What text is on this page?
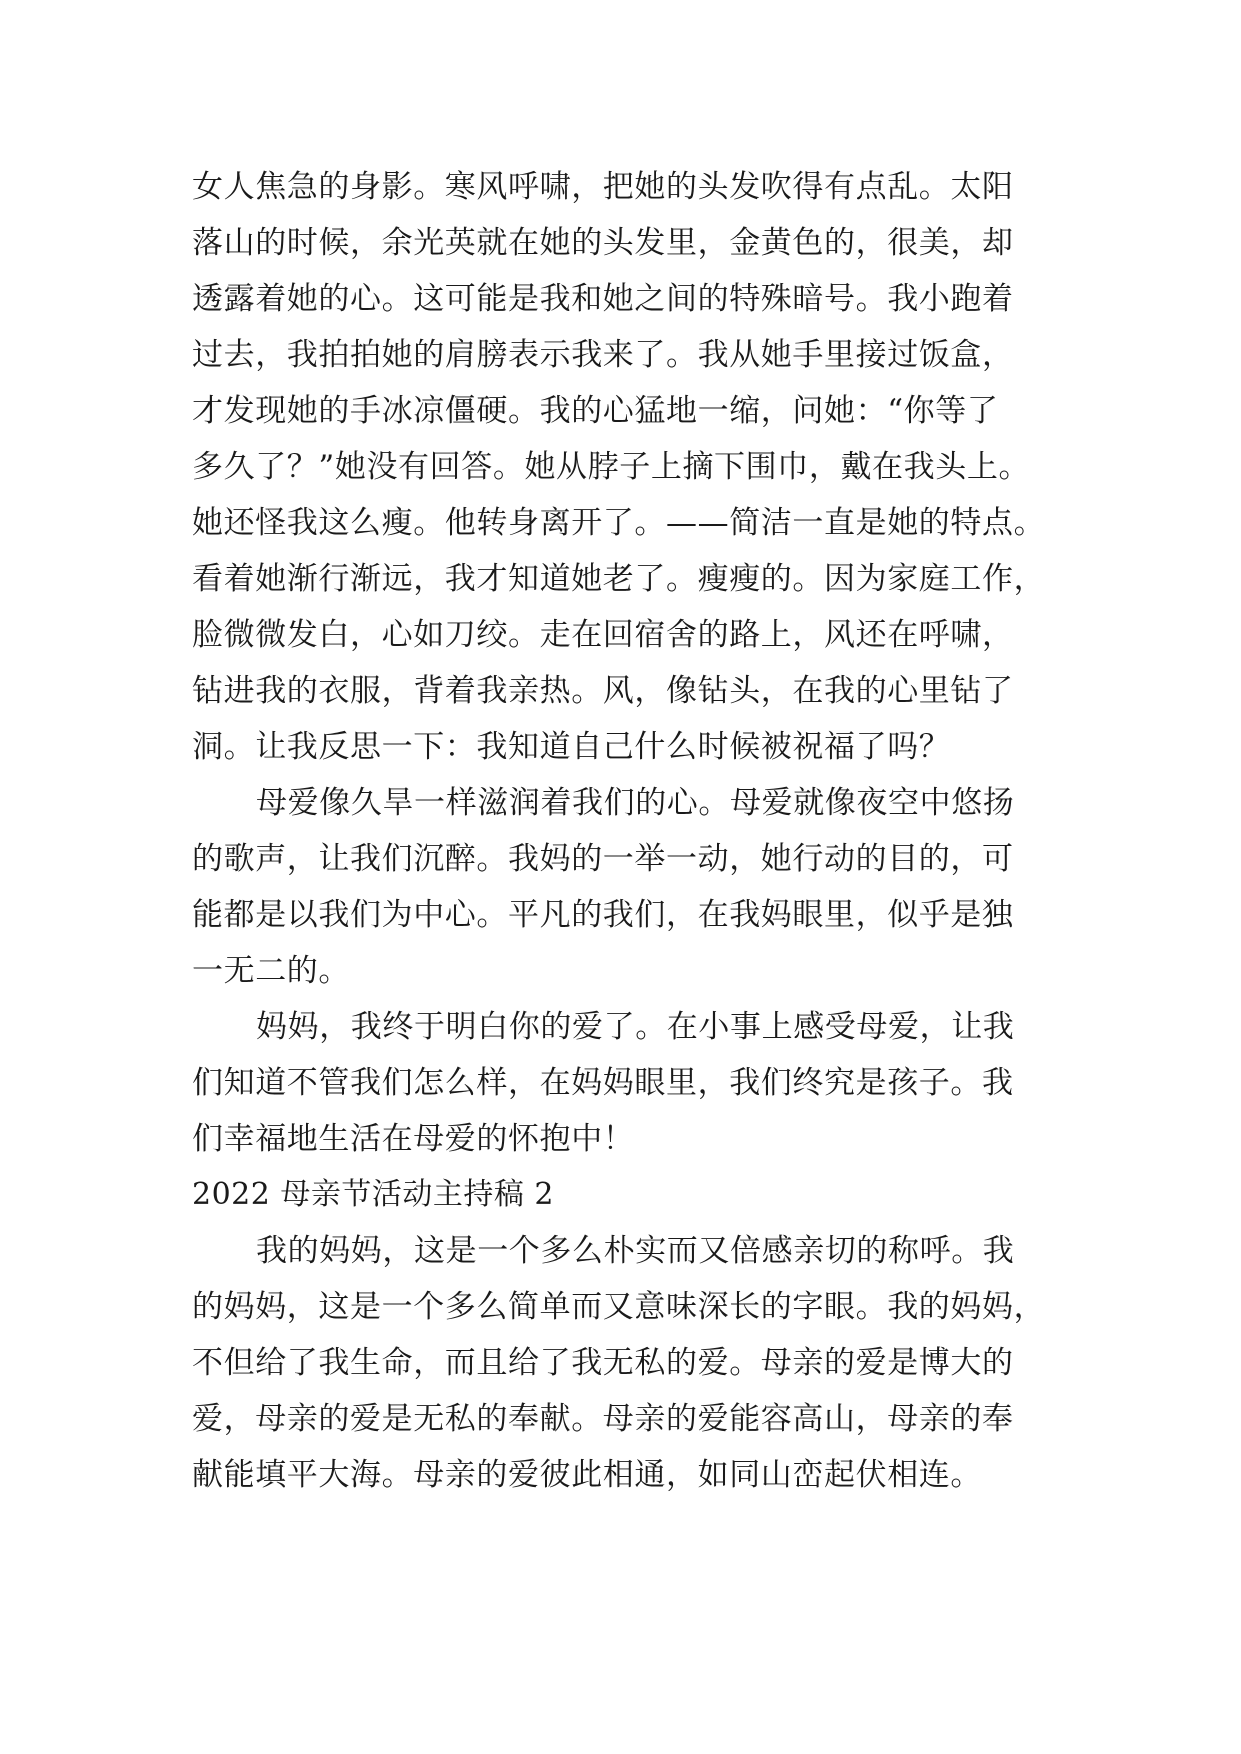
女人焦急的身影。寒风呼啸，把她的头发吹得有点乱。太阳
落山的时候，余光英就在她的头发里，金黄色的，很美，却
透露着她的心。这可能是我和她之间的特殊暗号。我小跑着
过去，我拍拍她的肩膀表示我来了。我从她手里接过饭盒，
才发现她的手冰凉僵硬。我的心猛地一缩，问她：“你等了
多久了？”她没有回答。她从脖子上摘下围巾，戴在我头上。
她还怪我这么瘦。他转身离开了。——简洁一直是她的特点。
看着她渐行渐远，我才知道她老了。瘦瘦的。因为家庭工作，
脸微微发白，心如刀绞。走在回宿舍的路上，风还在呼啸，
钻进我的衣服，背着我亲热。风，像钻头，在我的心里钻了
洞。让我反思一下：我知道自己什么时候被祝福了吗？
母爱像久旱一样滋润着我们的心。母爱就像夜空中悠扬
的歌声，让我们沉醉。我妈的一举一动，她行动的目的，可
能都是以我们为中心。平凡的我们，在我妈眼里，似乎是独
一无二的。
妈妈，我终于明白你的爱了。在小事上感受母爱，让我
们知道不管我们怎么样，在妈妈眼里，我们终究是孩子。我
们幸福地生活在母爱的怀抱中！
2022 母亲节活动主持稿 2
我的妈妈，这是一个多么朴实而又倍感亲切的称呼。我
的妈妈，这是一个多么简单而又意味深长的字眼。我的妈妈，
不但给了我生命，而且给了我无私的爱。母亲的爱是博大的
爱，母亲的爱是无私的奉献。母亲的爱能容高山，母亲的奉
献能填平大海。母亲的爱彼此相通，如同山峦起伏相连。
